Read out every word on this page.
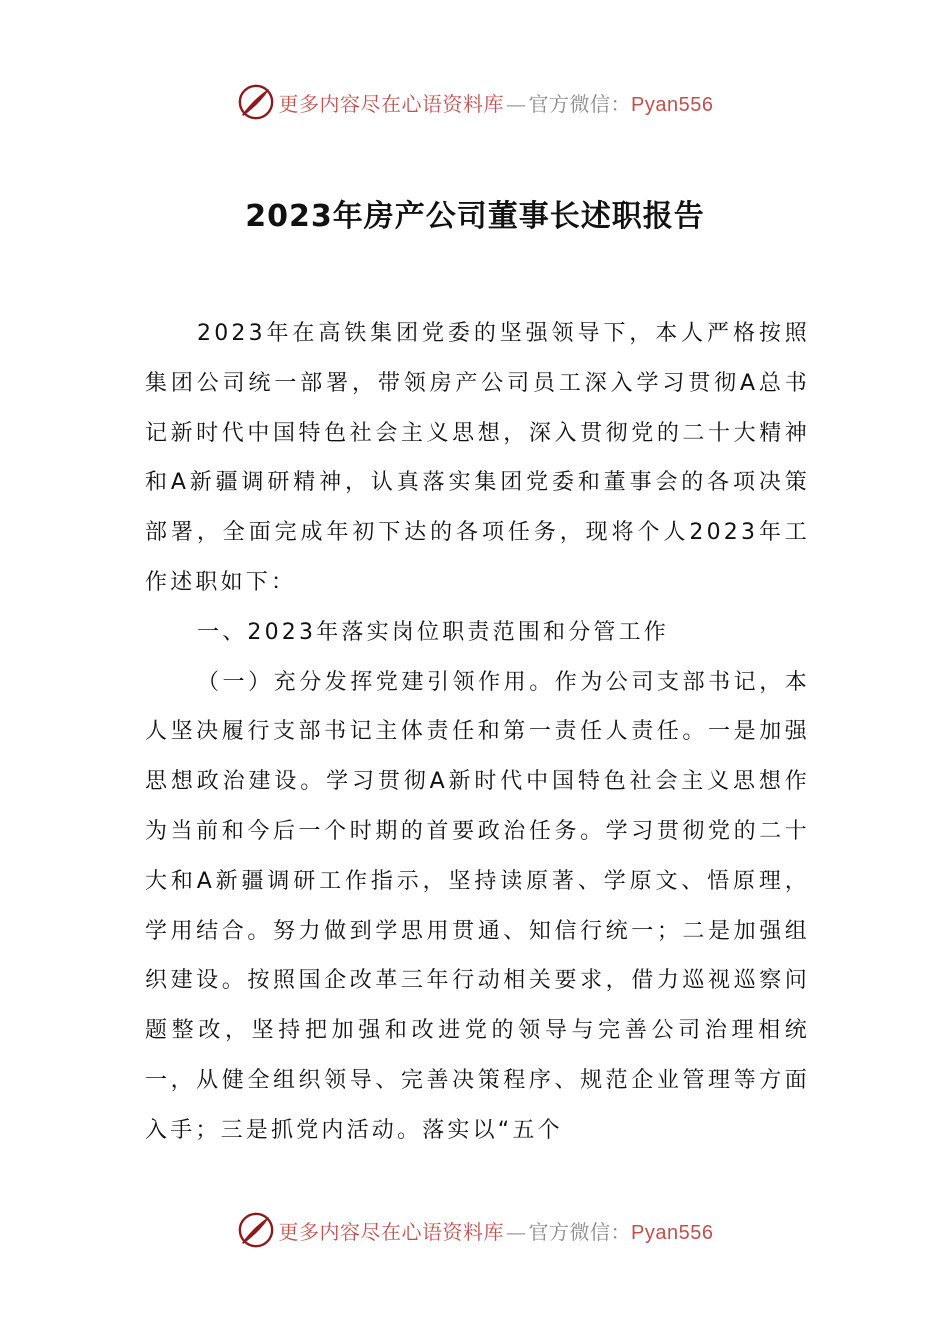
更多内容尽在心语资料库 — 官方微信：Pyan556
2023年房产公司董事长述职报告

2023年在高铁集团党委的坚强领导下，本人严格按照集团公司统一部署，带领房产公司员工深入学习贯彻A总书记新时代中国特色社会主义思想，深入贯彻党的二十大精神和A新疆调研精神，认真落实集团党委和董事会的各项决策部署，全面完成年初下达的各项任务，现将个人2023年工作述职如下：

一、2023年落实岗位职责范围和分管工作

（一）充分发挥党建引领作用。作为公司支部书记，本人坚决履行支部书记主体责任和第一责任人责任。一是加强思想政治建设。学习贯彻A新时代中国特色社会主义思想作为当前和今后一个时期的首要政治任务。学习贯彻党的二十大和A新疆调研工作指示，坚持读原著、学原文、悟原理，学用结合。努力做到学思用贯通、知信行统一；二是加强组织建设。按照国企改革三年行动相关要求，借力巡视巡察问题整改，坚持把加强和改进党的领导与完善公司治理相统一，从健全组织领导、完善决策程序、规范企业管理等方面入手；三是抓党内活动。落实以“五个

更多内容尽在心语资料库 — 官方微信：Pyan556
